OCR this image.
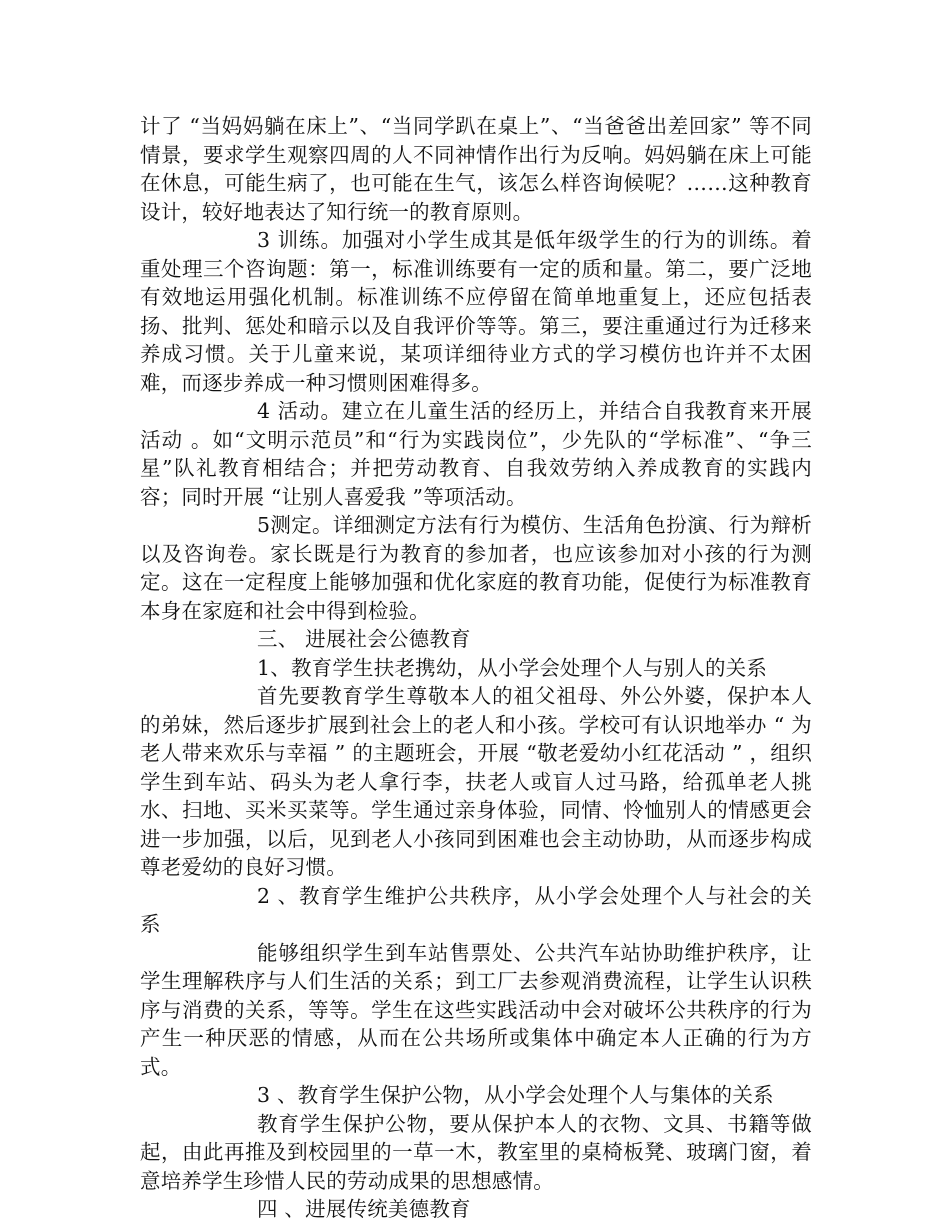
计了 “当妈妈躺在床上”、“当同学趴在桌上”、“当爸爸出差回家” 等不同情景，要求学生观察四周的人不同神情作出行为反响。妈妈躺在床上可能在休息，可能生病了，也可能在生气，该怎么样咨询候呢？……这种教育设计，较好地表达了知行统一的教育原则。

3 训练。加强对小学生成其是低年级学生的行为的训练。着重处理三个咨询题：第一，标准训练要有一定的质和量。第二，要广泛地有效地运用强化机制。标准训练不应停留在简单地重复上，还应包括表扬、批判、惩处和暗示以及自我评价等等。第三，要注重通过行为迁移来养成习惯。关于儿童来说，某项详细待业方式的学习模仿也许并不太困难，而逐步养成一种习惯则困难得多。

4 活动。建立在儿童生活的经历上，并结合自我教育来开展活动 。如“文明示范员”和“行为实践岗位”，少先队的“学标准”、“争三星”队礼教育相结合；并把劳动教育、自我效劳纳入养成教育的实践内容；同时开展 “让别人喜爱我 ”等项活动。

5测定。详细测定方法有行为模仿、生活角色扮演、行为辩析以及咨询卷。家长既是行为教育的参加者，也应该参加对小孩的行为测定。这在一定程度上能够加强和优化家庭的教育功能，促使行为标准教育本身在家庭和社会中得到检验。

三、 进展社会公德教育

1、教育学生扶老携幼，从小学会处理个人与别人的关系

首先要教育学生尊敬本人的祖父祖母、外公外婆，保护本人的弟妹，然后逐步扩展到社会上的老人和小孩。学校可有认识地举办 “ 为老人带来欢乐与幸福 ” 的主题班会，开展 “敬老爱幼小红花活动 ” ，组织学生到车站、码头为老人拿行李，扶老人或盲人过马路，给孤单老人挑水、扫地、买米买菜等。学生通过亲身体验，同情、怜恤别人的情感更会进一步加强，以后，见到老人小孩同到困难也会主动协助，从而逐步构成尊老爱幼的良好习惯。

2 、教育学生维护公共秩序，从小学会处理个人与社会的关系

能够组织学生到车站售票处、公共汽车站协助维护秩序，让学生理解秩序与人们生活的关系；到工厂去参观消费流程，让学生认识秩序与消费的关系，等等。学生在这些实践活动中会对破坏公共秩序的行为产生一种厌恶的情感，从而在公共场所或集体中确定本人正确的行为方式。

3 、教育学生保护公物，从小学会处理个人与集体的关系

教育学生保护公物，要从保护本人的衣物、文具、书籍等做起，由此再推及到校园里的一草一木，教室里的桌椅板凳、玻璃门窗，着意培养学生珍惜人民的劳动成果的思想感情。

四 、进展传统美德教育
